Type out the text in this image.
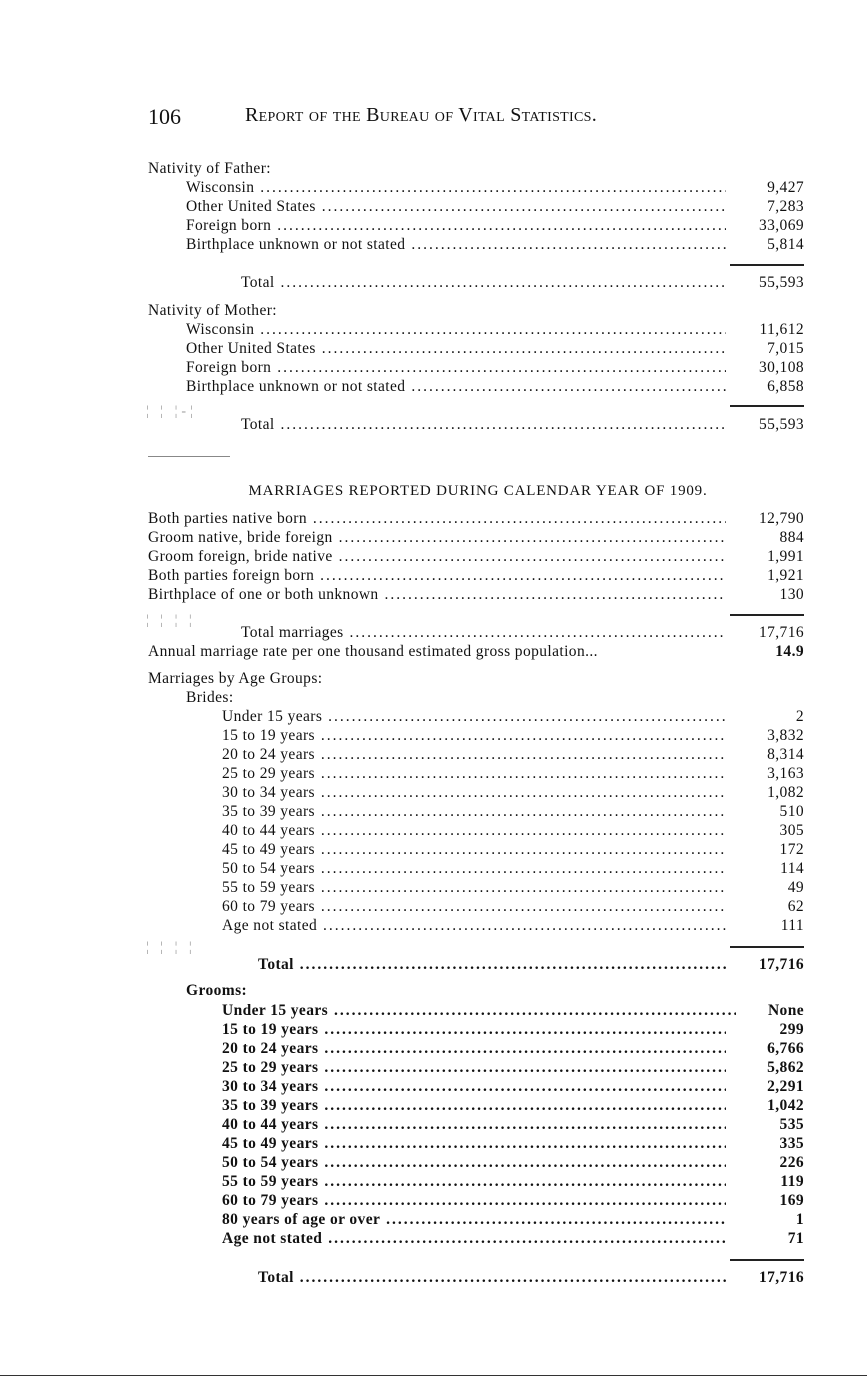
106	Report of the Bureau of Vital Statistics.
Nativity of Father:
Wisconsin .....	9,427
Other United States .....	7,283
Foreign born .....	33,069
Birthplace unknown or not stated .....	5,814
Total .....	55,593
Nativity of Mother:
Wisconsin .....	11,612
Other United States .....	7,015
Foreign born .....	30,108
Birthplace unknown or not stated .....	6,858
¦ ¦ ¦-¦
Total .....	55,593
MARRIAGES REPORTED DURING CALENDAR YEAR OF 1909.
Both parties native born .....	12,790
Groom native, bride foreign .....	884
Groom foreign, bride native .....	1,991
Both parties foreign born .....	1,921
Birthplace of one or both unknown .....	130
¦ ¦ ¦ ¦
Total marriages .....	17,716
Annual marriage rate per one thousand estimated gross population...	14.9
Marriages by Age Groups:
Brides:
Under 15 years .....	2
15 to 19 years .....	3,832
20 to 24 years .....	8,314
25 to 29 years .....	3,163
30 to 34 years .....	1,082
35 to 39 years .....	510
40 to 44 years .....	305
45 to 49 years .....	172
50 to 54 years .....	114
55 to 59 years .....	49
60 to 79 years .....	62
Age not stated .....	111
¦ ¦ ¦ ¦
Total .....	17,716
Grooms:
Under 15 years .....	None
15 to 19 years .....	299
20 to 24 years .....	6,766
25 to 29 years .....	5,862
30 to 34 years .....	2,291
35 to 39 years .....	1,042
40 to 44 years .....	535
45 to 49 years .....	335
50 to 54 years .....	226
55 to 59 years .....	119
60 to 79 years .....	169
80 years of age or over .....	1
Age not stated .....	71
Total .....	17,716
